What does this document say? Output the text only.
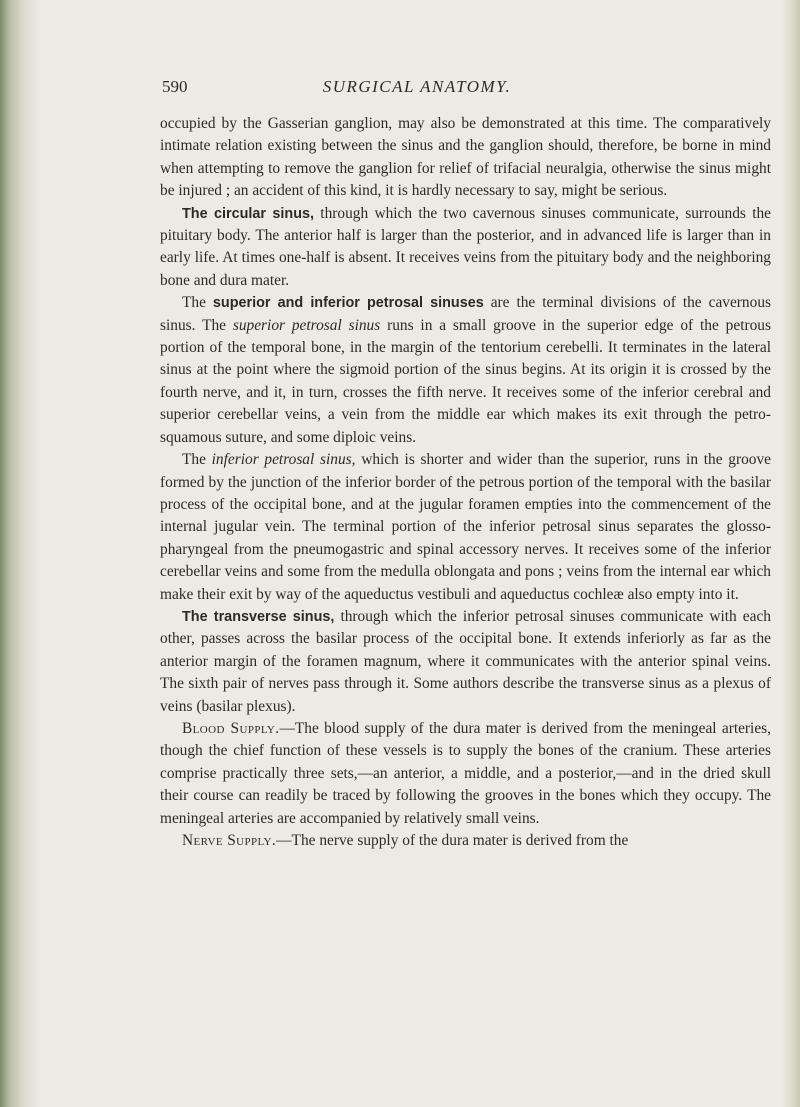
590	SURGICAL ANATOMY.

occupied by the Gasserian ganglion, may also be demonstrated at this time. The comparatively intimate relation existing between the sinus and the ganglion should, therefore, be borne in mind when attempting to remove the ganglion for relief of trifacial neuralgia, otherwise the sinus might be injured ; an accident of this kind, it is hardly necessary to say, might be serious.

The circular sinus, through which the two cavernous sinuses communicate, surrounds the pituitary body. The anterior half is larger than the posterior, and in advanced life is larger than in early life. At times one-half is absent. It receives veins from the pituitary body and the neighboring bone and dura mater.

The superior and inferior petrosal sinuses are the terminal divisions of the cavernous sinus. The superior petrosal sinus runs in a small groove in the superior edge of the petrous portion of the temporal bone, in the margin of the tentorium cerebelli. It terminates in the lateral sinus at the point where the sigmoid portion of the sinus begins. At its origin it is crossed by the fourth nerve, and it, in turn, crosses the fifth nerve. It receives some of the inferior cerebral and superior cerebellar veins, a vein from the middle ear which makes its exit through the petro-squamous suture, and some diploic veins.

The inferior petrosal sinus, which is shorter and wider than the superior, runs in the groove formed by the junction of the inferior border of the petrous portion of the temporal with the basilar process of the occipital bone, and at the jugular foramen empties into the commencement of the internal jugular vein. The terminal portion of the inferior petrosal sinus separates the glosso-pharyngeal from the pneumogastric and spinal accessory nerves. It receives some of the inferior cerebellar veins and some from the medulla oblongata and pons ; veins from the internal ear which make their exit by way of the aqueductus vestibuli and aqueductus cochleæ also empty into it.

The transverse sinus, through which the inferior petrosal sinuses communicate with each other, passes across the basilar process of the occipital bone. It extends inferiorly as far as the anterior margin of the foramen magnum, where it communicates with the anterior spinal veins. The sixth pair of nerves pass through it. Some authors describe the transverse sinus as a plexus of veins (basilar plexus).

Blood Supply.—The blood supply of the dura mater is derived from the meningeal arteries, though the chief function of these vessels is to supply the bones of the cranium. These arteries comprise practically three sets,—an anterior, a middle, and a posterior,—and in the dried skull their course can readily be traced by following the grooves in the bones which they occupy. The meningeal arteries are accompanied by relatively small veins.

Nerve Supply.—The nerve supply of the dura mater is derived from the
